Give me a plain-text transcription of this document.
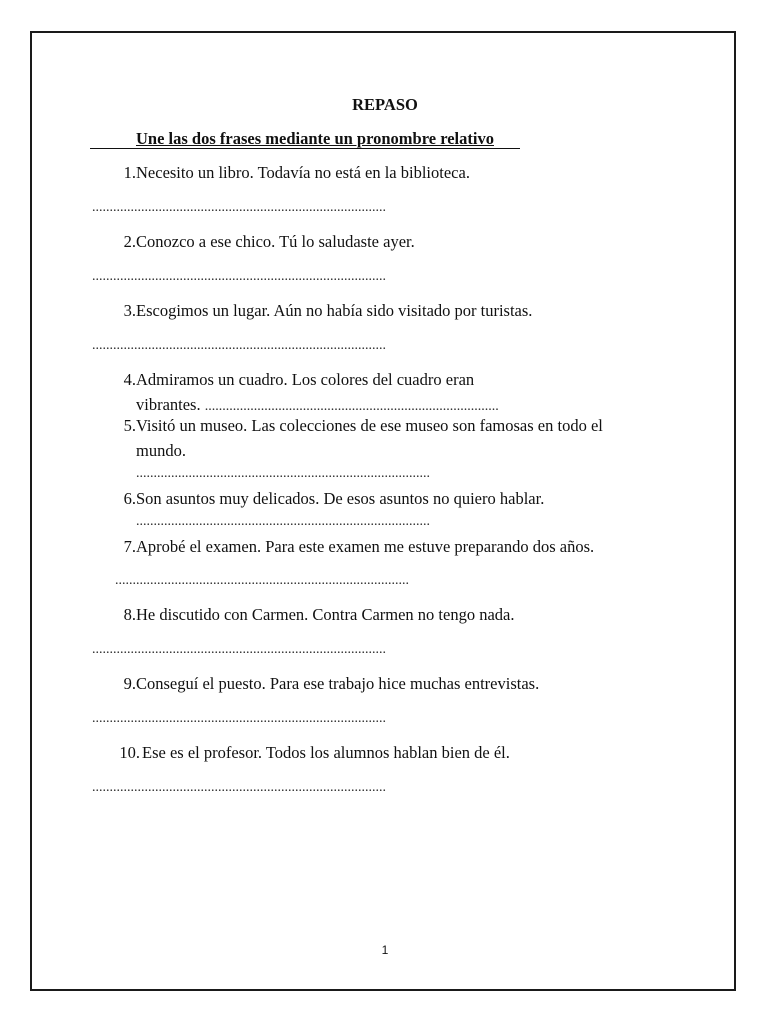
REPASO
Une las dos frases mediante un pronombre relativo
1. Necesito un libro. Todavía no está en la biblioteca.
....................................................................................
2. Conozco a ese chico. Tú lo saludaste ayer.
....................................................................................
3. Escogimos un lugar. Aún no había sido visitado por turistas.
....................................................................................
4. Admiramos un cuadro. Los colores del cuadro eran
vibrantes. ....................................................................................
5. Visitó un museo. Las colecciones de ese museo son famosas en todo el
mundo.
....................................................................................
6. Son asuntos muy delicados. De esos asuntos no quiero hablar.
....................................................................................
7. Aprobé el examen. Para este examen me estuve preparando dos años.
....................................................................................
8. He discutido con Carmen. Contra Carmen no tengo nada.
....................................................................................
9. Conseguí el puesto. Para ese trabajo hice muchas entrevistas.
....................................................................................
10. Ese es el profesor. Todos los alumnos hablan bien de él.
....................................................................................
1
